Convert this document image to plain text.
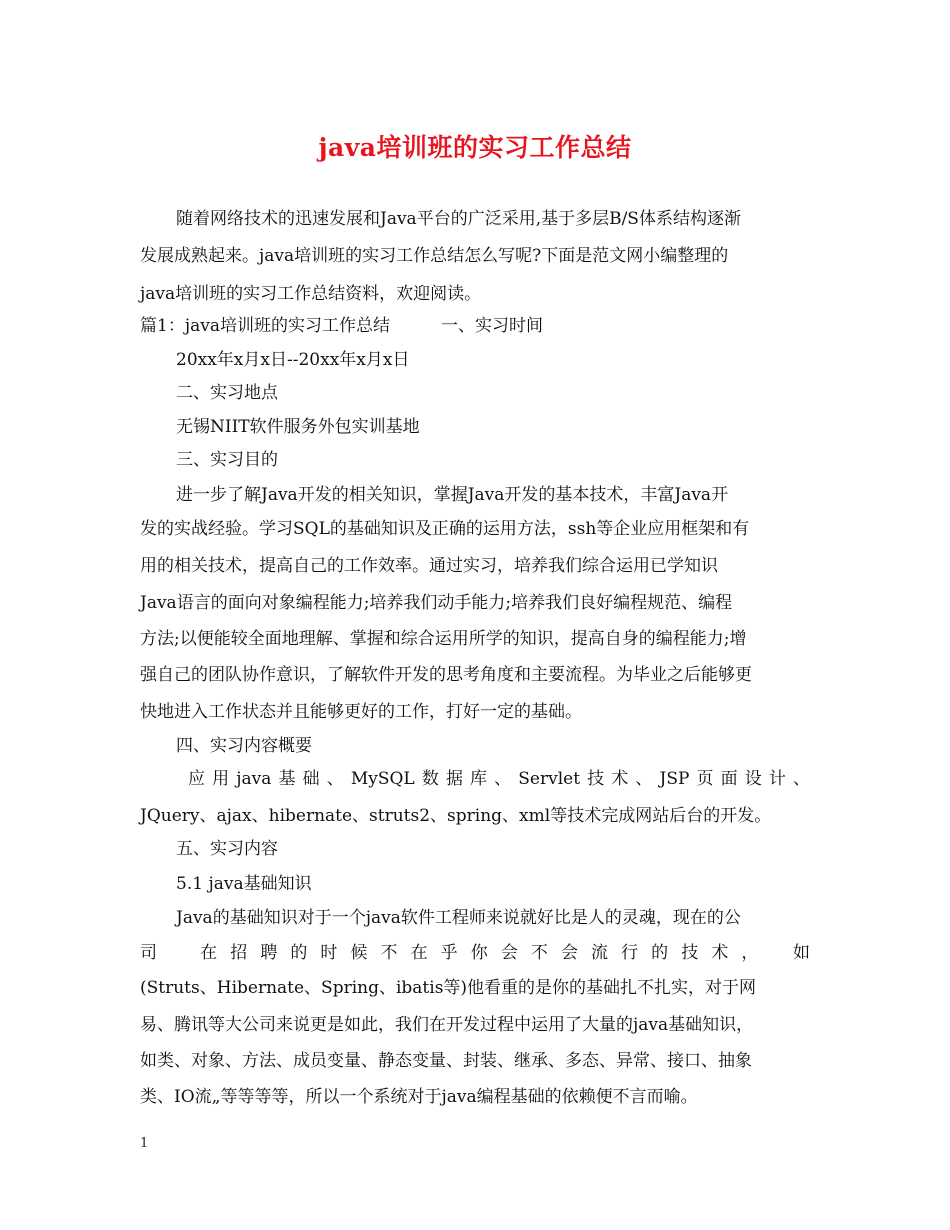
java培训班的实习工作总结
随着网络技术的迅速发展和Java平台的广泛采用,基于多层B/S体系结构逐渐
发展成熟起来。java培训班的实习工作总结怎么写呢?下面是范文网小编整理的
java培训班的实习工作总结资料，欢迎阅读。
篇1：java培训班的实习工作总结　　　一、实习时间
20xx年x月x日--20xx年x月x日
二、实习地点
无锡NIIT软件服务外包实训基地
三、实习目的
进一步了解Java开发的相关知识，掌握Java开发的基本技术，丰富Java开
发的实战经验。学习SQL的基础知识及正确的运用方法，ssh等企业应用框架和有
用的相关技术，提高自己的工作效率。通过实习，培养我们综合运用已学知识
Java语言的面向对象编程能力;培养我们动手能力;培养我们良好编程规范、编程
方法;以便能较全面地理解、掌握和综合运用所学的知识，提高自身的编程能力;增
强自己的团队协作意识，了解软件开发的思考角度和主要流程。为毕业之后能够更
快地进入工作状态并且能够更好的工作，打好一定的基础。
四、实习内容概要
应用java基础、MySQL数据库、Servlet技术、JSP页面设计、
JQuery、ajax、hibernate、struts2、spring、xml等技术完成网站后台的开发。
五、实习内容
5.1 java基础知识
Java的基础知识对于一个java软件工程师来说就好比是人的灵魂，现在的公
司　在招聘的时候不在乎你会不会流行的技术，　如
(Struts、Hibernate、Spring、ibatis等)他看重的是你的基础扎不扎实，对于网
易、腾讯等大公司来说更是如此，我们在开发过程中运用了大量的java基础知识，
如类、对象、方法、成员变量、静态变量、封装、继承、多态、异常、接口、抽象
类、IO流„等等等等，所以一个系统对于java编程基础的依赖便不言而喻。
1
